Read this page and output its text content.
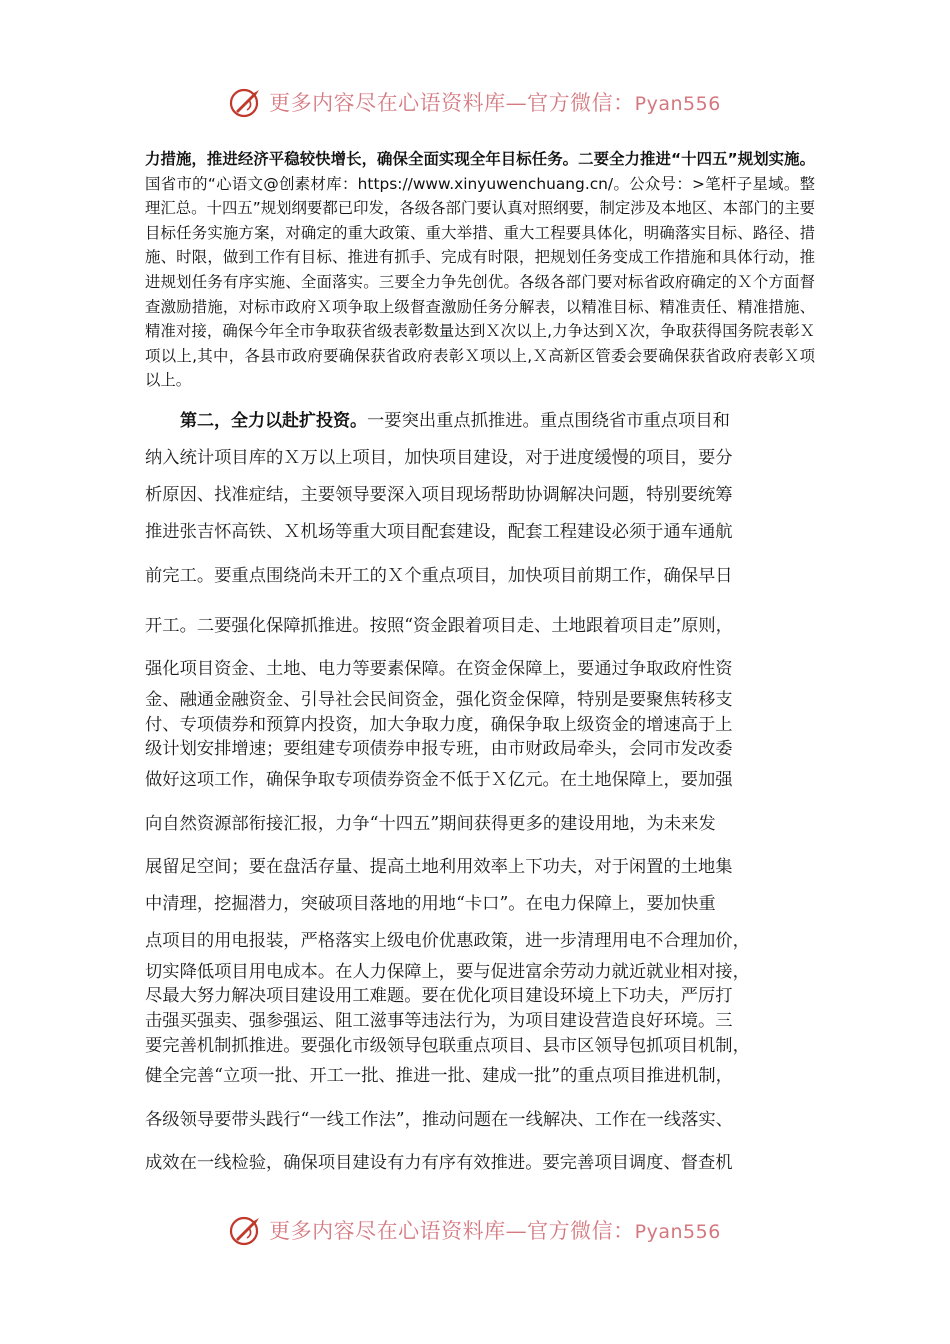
更多内容尽在心语资料库—官方微信：Pyan556

力措施，推进经济平稳较快增长，确保全面实现全年目标任务。二要全力推进“十四五”规划实施。国省市的“心语文@创素材库：https://www.xinyuwenchuang.cn/。公众号：>笔杆子星域。整理汇总。十四五”规划纲要都已印发，各级各部门要认真对照纲要，制定涉及本地区、本部门的主要目标任务实施方案，对确定的重大政策、重大举措、重大工程要具体化，明确落实目标、路径、措施、时限，做到工作有目标、推进有抓手、完成有时限，把规划任务变成工作措施和具体行动，推进规划任务有序实施、全面落实。三要全力争先创优。各级各部门要对标省政府确定的Ｘ个方面督查激励措施，对标市政府Ｘ项争取上级督查激励任务分解表，以精准目标、精准责任、精准措施、精准对接，确保今年全市争取获省级表彰数量达到Ｘ次以上,力争达到Ｘ次，争取获得国务院表彰Ｘ项以上,其中，各县市政府要确保获省政府表彰Ｘ项以上,Ｘ高新区管委会要确保获省政府表彰Ｘ项以上。

第二，全力以赴扩投资。一要突出重点抓推进。重点围绕省市重点项目和
纳入统计项目库的Ｘ万以上项目，加快项目建设，对于进度缓慢的项目，要分
析原因、找准症结，主要领导要深入项目现场帮助协调解决问题，特别要统筹
推进张吉怀高铁、Ｘ机场等重大项目配套建设，配套工程建设必须于通车通航
前完工。要重点围绕尚未开工的Ｘ个重点项目，加快项目前期工作，确保早日
开工。二要强化保障抓推进。按照“资金跟着项目走、土地跟着项目走”原则，
强化项目资金、土地、电力等要素保障。在资金保障上，要通过争取政府性资
金、融通金融资金、引导社会民间资金，强化资金保障，特别是要聚焦转移支
付、专项债券和预算内投资，加大争取力度，确保争取上级资金的增速高于上
级计划安排增速；要组建专项债券申报专班，由市财政局牵头，会同市发改委
做好这项工作，确保争取专项债券资金不低于Ｘ亿元。在土地保障上，要加强
向自然资源部衔接汇报，力争“十四五”期间获得更多的建设用地，为未来发
展留足空间；要在盘活存量、提高土地利用效率上下功夫，对于闲置的土地集
中清理，挖掘潜力，突破项目落地的用地“卡口”。在电力保障上，要加快重
点项目的用电报装，严格落实上级电价优惠政策，进一步清理用电不合理加价，
切实降低项目用电成本。在人力保障上，要与促进富余劳动力就近就业相对接，
尽最大努力解决项目建设用工难题。要在优化项目建设环境上下功夫，严厉打
击强买强卖、强参强运、阻工滋事等违法行为，为项目建设营造良好环境。三
要完善机制抓推进。要强化市级领导包联重点项目、县市区领导包抓项目机制，
健全完善“立项一批、开工一批、推进一批、建成一批”的重点项目推进机制，
各级领导要带头践行“一线工作法”，推动问题在一线解决、工作在一线落实、
成效在一线检验，确保项目建设有力有序有效推进。要完善项目调度、督查机
更多内容尽在心语资料库—官方微信：Pyan556
